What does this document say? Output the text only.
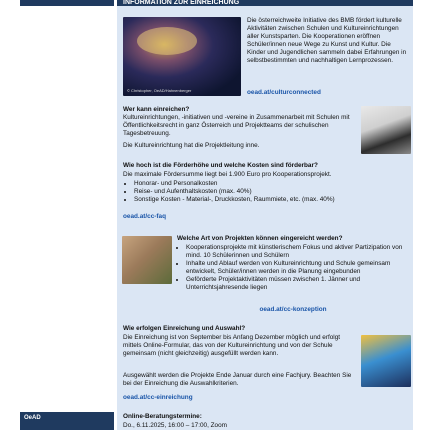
OeAD
INFORMATION ZUR EINREICHUNG
© Christopher, OeAD/Hahnenberger
Die österreichweite Initiative des BMB fördert kulturelle Aktivitäten zwischen Schulen und Kultureinrichtungen aller Kunstsparten. Die Kooperationen eröffnen Schüler/innen neue Wege zu Kunst und Kultur. Die Kinder und Jugendlichen sammeln dabei Erfahrungen in selbstbestimmten und nachhaltigen Lernprozessen.
oead.at/culturconnected
Wer kann einreichen?
Kultureinrichtungen, -initiativen und -vereine in Zusammenarbeit mit Schulen mit Öffentlichkeitsrecht in ganz Österreich und Projektteams der schulischen Tagesbetreuung.
Die Kultureinrichtung hat die Projektleitung inne.
Wie hoch ist die Förderhöhe und welche Kosten sind förderbar?
Die maximale Fördersumme liegt bei 1.900 Euro pro Kooperationsprojekt.
• Honorar- und Personalkosten
• Reise- und Aufenthaltskosten (max. 40%)
• Sonstige Kosten - Material-, Druckkosten, Raummiete, etc. (max. 40%)
oead.at/cc-faq
Welche Art von Projekten können eingereicht werden?
• Kooperationsprojekte mit künstlerischem Fokus und aktiver Partizipation von mind. 10 Schülerinnen und Schülern
• Inhalte und Ablauf werden von Kultureinrichtung und Schule gemeinsam entwickelt, Schüler/innen werden in die Planung eingebunden
• Geförderte Projektaktivitäten müssen zwischen 1. Jänner und Unterrichtsjahresende liegen
oead.at/cc-konzeption
Wie erfolgen Einreichung und Auswahl?
Die Einreichung ist von September bis Anfang Dezember möglich und erfolgt mittels Online-Formular, das von der Kultureinrichtung und von der Schule gemeinsam (nicht gleichzeitig) ausgefüllt werden kann.
Ausgewählt werden die Projekte Ende Januar durch eine Fachjury. Beachten Sie bei der Einreichung die Auswahlkriterien.
oead.at/cc-einreichung
Online-Beratungstermine:
Do., 6.11.2025, 16:00 – 17:00, Zoom
